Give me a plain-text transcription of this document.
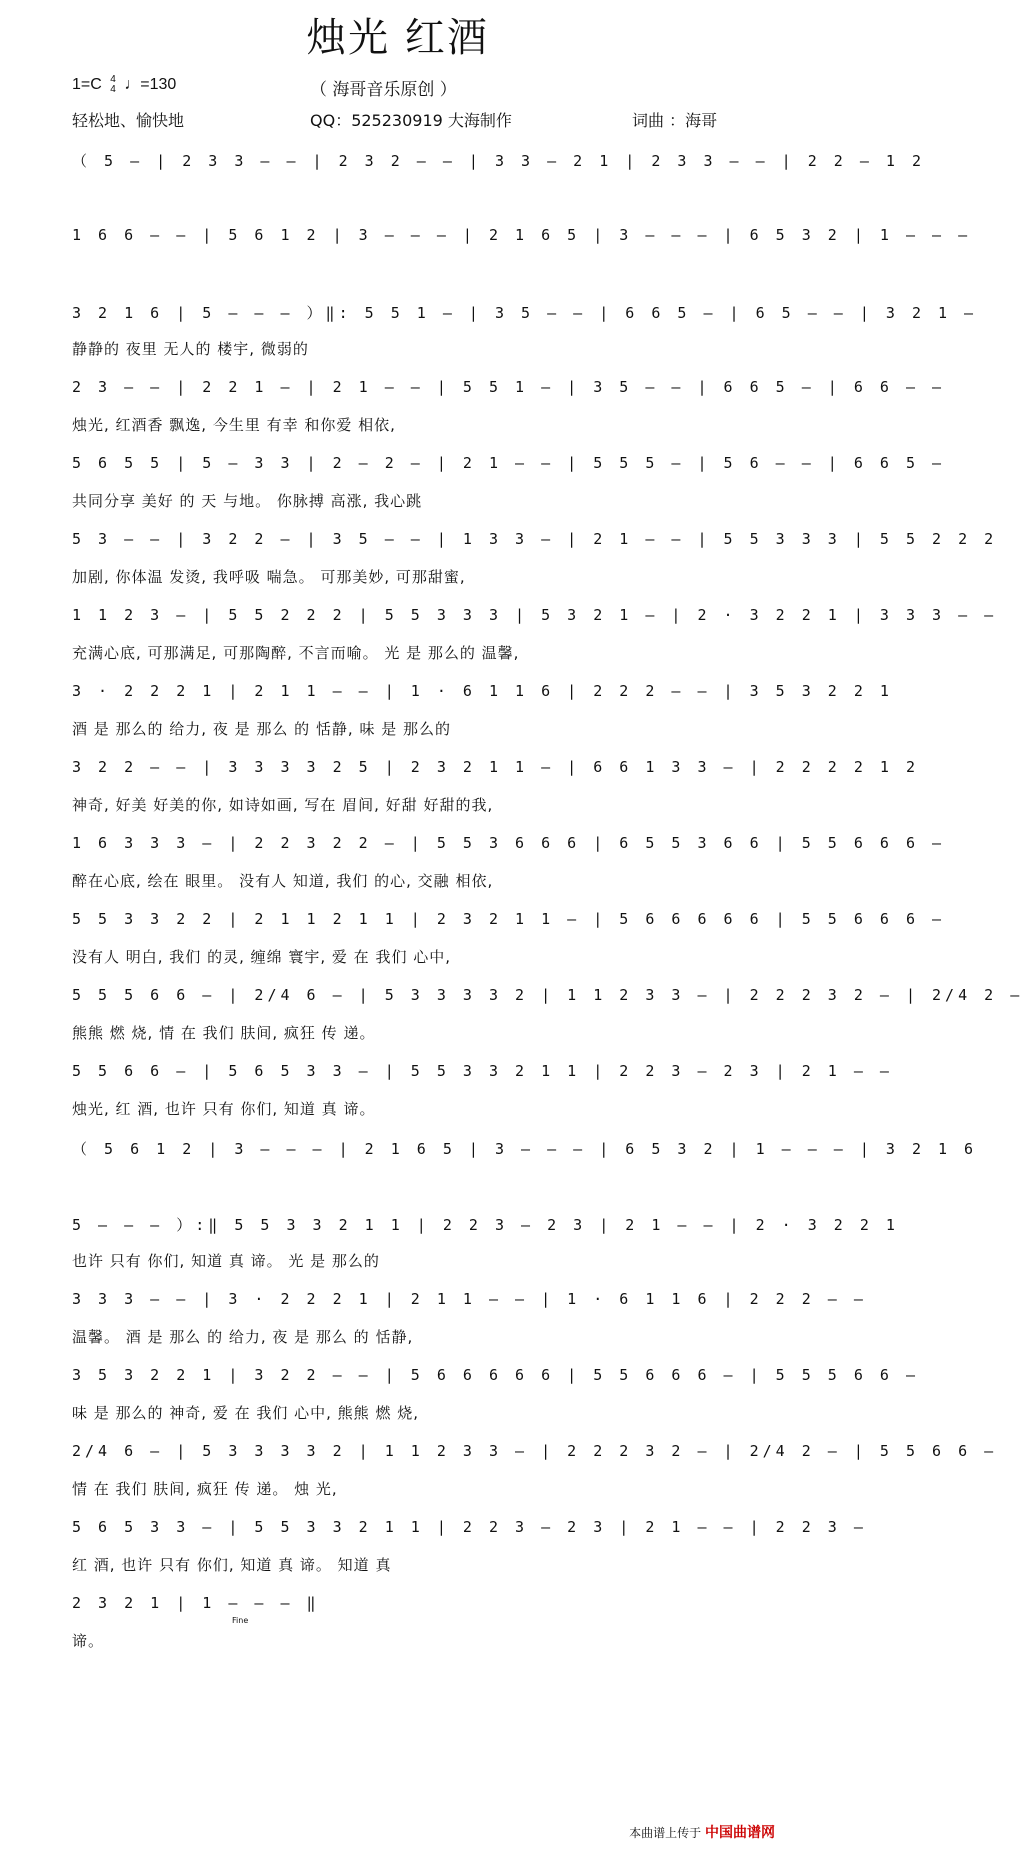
烛光 红酒
1=C 4
4 ♩=130	（ 海哥音乐原创 ）
轻松地、愉快地	QQ：525230919 大海制作	词曲 ：海哥
（ 5 — | 2 3 3 — — | 2 3 2 — — | 3 3 — 2 1 | 2 3 3 — — | 2 2 — 1 2
1 6 6 — — | 5 6 1 2 | 3 — — — | 2 1 6 5 | 3 — — — | 6 5 3 2 | 1 — — —
3 2 1 6 | 5 — — — ）‖: 5 5 1 — | 3 5 — — | 6 6 5 — | 6 5 — — | 3 2 1 —
静静的 夜里 无人的 楼宇, 微弱的
2 3 — — | 2 2 1 — | 2 1 — — | 5 5 1 — | 3 5 — — | 6 6 5 — | 6 6 — —
烛光, 红酒香 飘逸, 今生里 有幸 和你爱 相依,
5 6 5 5 | 5 — 3 3 | 2 — 2 — | 2 1 — — | 5 5 5 — | 5 6 — — | 6 6 5 —
共同分享 美好 的 天 与地。 你脉搏 高涨, 我心跳
5 3 — — | 3 2 2 — | 3 5 — — | 1 3 3 — | 2 1 — — | 5 5 3 3 3 | 5 5 2 2 2
加剧, 你体温 发烫, 我呼吸 喘急。 可那美妙, 可那甜蜜,
1 1 2 3 — | 5 5 2 2 2 | 5 5 3 3 3 | 5 3 2 1 — | 2 · 3 2 2 1 | 3 3 3 — —
充满心底, 可那满足, 可那陶醉, 不言而喻。 光 是 那么的 温馨,
3 · 2 2 2 1 | 2 1 1 — — | 1 · 6 1 1 6 | 2 2 2 — — | 3 5 3 2 2 1
酒 是 那么的 给力, 夜 是 那么 的 恬静, 味 是 那么的
3 2 2 — — | 3 3 3 3 2 5 | 2 3 2 1 1 — | 6 6 1 3 3 — | 2 2 2 2 1 2
神奇, 好美 好美的你, 如诗如画, 写在 眉间, 好甜 好甜的我,
1 6 3 3 3 — | 2 2 3 2 2 — | 5 5 3 6 6 6 | 6 5 5 3 6 6 | 5 5 6 6 6 —
醉在心底, 绘在 眼里。 没有人 知道, 我们 的心, 交融 相依,
5 5 3 3 2 2 | 2 1 1 2 1 1 | 2 3 2 1 1 — | 5 6 6 6 6 6 | 5 5 6 6 6 —
没有人 明白, 我们 的灵, 缠绵 寰宇, 爱 在 我们 心中,
5 5 5 6 6 — | 2/4 6 — | 5 3 3 3 3 2 | 1 1 2 3 3 — | 2 2 2 3 2 — | 2/4 2 —
熊熊 燃 烧, 情 在 我们 肤间, 疯狂 传 递。
5 5 6 6 — | 5 6 5 3 3 — | 5 5 3 3 2 1 1 | 2 2 3 — 2 3 | 2 1 — —
烛光, 红 酒, 也许 只有 你们, 知道 真 谛。
（ 5 6 1 2 | 3 — — — | 2 1 6 5 | 3 — — — | 6 5 3 2 | 1 — — — | 3 2 1 6
5 — — — ）:‖ 5 5 3 3 2 1 1 | 2 2 3 — 2 3 | 2 1 — — | 2 · 3 2 2 1
也许 只有 你们, 知道 真 谛。 光 是 那么的
3 3 3 — — | 3 · 2 2 2 1 | 2 1 1 — — | 1 · 6 1 1 6 | 2 2 2 — —
温馨。 酒 是 那么 的 给力, 夜 是 那么 的 恬静,
3 5 3 2 2 1 | 3 2 2 — — | 5 6 6 6 6 6 | 5 5 6 6 6 — | 5 5 5 6 6 —
味 是 那么的 神奇, 爱 在 我们 心中, 熊熊 燃 烧,
2/4 6 — | 5 3 3 3 3 2 | 1 1 2 3 3 — | 2 2 2 3 2 — | 2/4 2 — | 5 5 6 6 —
情 在 我们 肤间, 疯狂 传 递。 烛 光,
5 6 5 3 3 — | 5 5 3 3 2 1 1 | 2 2 3 — 2 3 | 2 1 — — | 2 2 3 —
红 酒, 也许 只有 你们, 知道 真 谛。 知道 真
2 3 2 1 | 1 — — — ‖
谛。
Fine
本曲谱上传于 中国曲谱网
